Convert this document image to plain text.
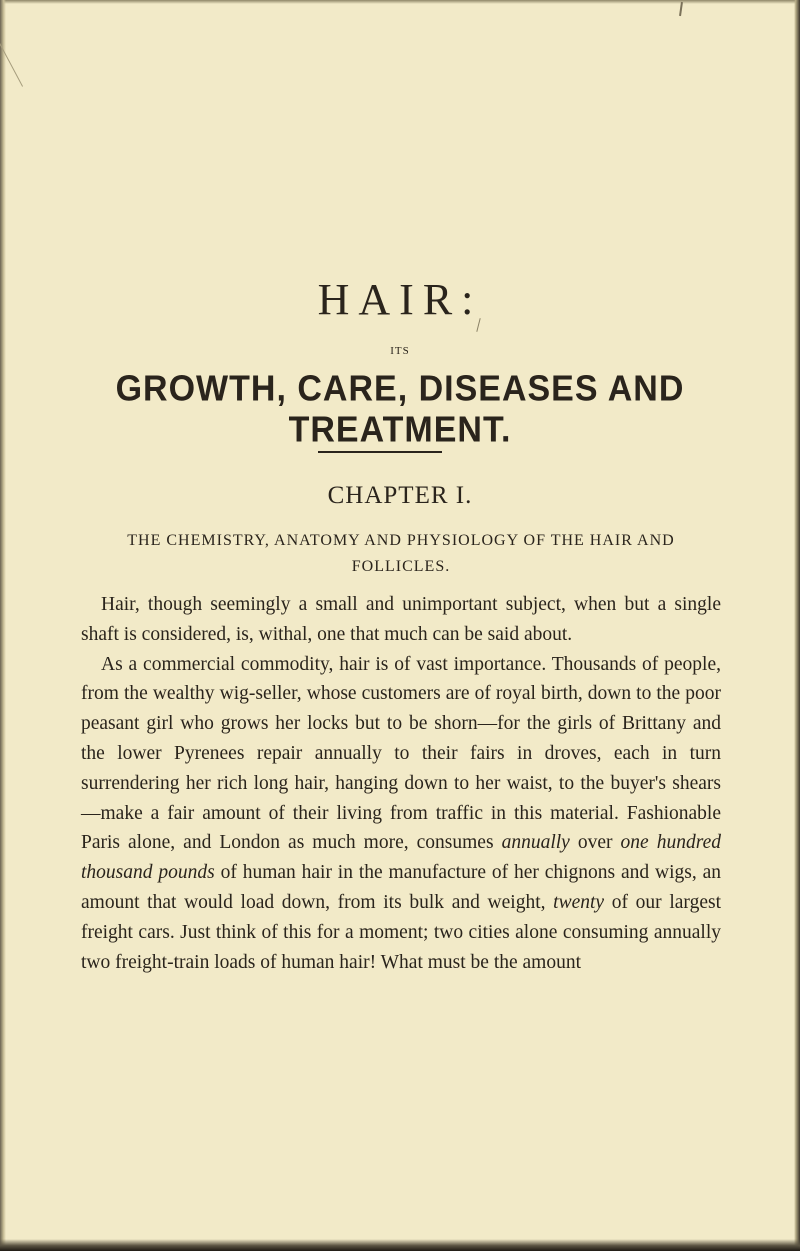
HAIR:
ITS
GROWTH, CARE, DISEASES AND TREATMENT.
CHAPTER I.
THE CHEMISTRY, ANATOMY AND PHYSIOLOGY OF THE HAIR AND FOLLICLES.

Hair, though seemingly a small and unimportant subject, when but a single shaft is considered, is, withal, one that much can be said about.

As a commercial commodity, hair is of vast importance. Thousands of people, from the wealthy wig-seller, whose customers are of royal birth, down to the poor peasant girl who grows her locks but to be shorn—for the girls of Brittany and the lower Pyrenees repair annually to their fairs in droves, each in turn surrendering her rich long hair, hanging down to her waist, to the buyer's shears—make a fair amount of their living from traffic in this material. Fashionable Paris alone, and London as much more, consumes annually over one hundred thousand pounds of human hair in the manufacture of her chignons and wigs, an amount that would load down, from its bulk and weight, twenty of our largest freight cars. Just think of this for a moment; two cities alone consuming annually two freight-train loads of human hair! What must be the amount
